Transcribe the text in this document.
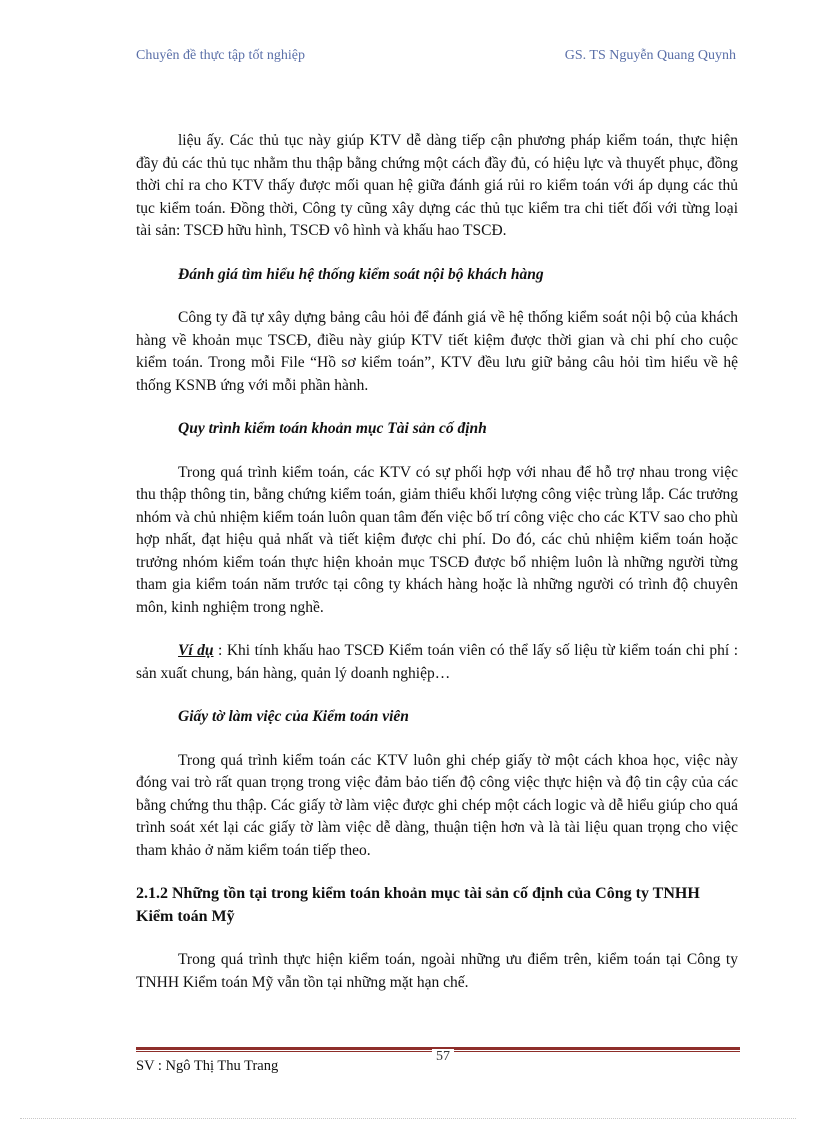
Chuyên đề thực tập tốt nghiệp	GS. TS Nguyễn Quang Quynh

liệu ấy. Các thủ tục này giúp KTV dễ dàng tiếp cận phương pháp kiểm toán, thực hiện đầy đủ các thủ tục nhằm thu thập bằng chứng một cách đầy đủ, có hiệu lực và thuyết phục, đồng thời chỉ ra cho KTV thấy được mối quan hệ giữa đánh giá rủi ro kiểm toán với áp dụng các thủ tục kiểm toán. Đồng thời, Công ty cũng xây dựng các thủ tục kiểm tra chi tiết đối với từng loại tài sản: TSCĐ hữu hình, TSCĐ vô hình và khấu hao TSCĐ.

Đánh giá tìm hiểu hệ thống kiểm soát nội bộ khách hàng

Công ty đã tự xây dựng bảng câu hỏi để đánh giá về hệ thống kiểm soát nội bộ của khách hàng về khoản mục TSCĐ, điều này giúp KTV tiết kiệm được thời gian và chi phí cho cuộc kiểm toán. Trong mỗi File “Hồ sơ kiểm toán”, KTV đều lưu giữ bảng câu hỏi tìm hiểu về hệ thống KSNB ứng với mỗi phần hành.

Quy trình kiểm toán khoản mục Tài sản cố định

Trong quá trình kiểm toán, các KTV có sự phối hợp với nhau để hỗ trợ nhau trong việc thu thập thông tin, bằng chứng kiểm toán, giảm thiểu khối lượng công việc trùng lắp. Các trưởng nhóm và chủ nhiệm kiểm toán luôn quan tâm đến việc bố trí công việc cho các KTV sao cho phù hợp nhất, đạt hiệu quả nhất và tiết kiệm được chi phí. Do đó, các chủ nhiệm kiểm toán hoặc trưởng nhóm kiểm toán thực hiện khoản mục TSCĐ được bổ nhiệm luôn là những người từng tham gia kiểm toán năm trước tại công ty khách hàng hoặc là những người có trình độ chuyên môn, kinh nghiệm trong nghề.

Ví dụ : Khi tính khấu hao TSCĐ Kiểm toán viên có thể lấy số liệu từ kiểm toán chi phí : sản xuất chung, bán hàng, quản lý doanh nghiệp…

Giấy tờ làm việc của Kiểm toán viên

Trong quá trình kiểm toán các KTV luôn ghi chép giấy tờ một cách khoa học, việc này đóng vai trò rất quan trọng trong việc đảm bảo tiến độ công việc thực hiện và độ tin cậy của các bằng chứng thu thập. Các giấy tờ làm việc được ghi chép một cách logic và dễ hiểu giúp cho quá trình soát xét lại các giấy tờ làm việc dễ dàng, thuận tiện hơn và là tài liệu quan trọng cho việc tham khảo ở năm kiểm toán tiếp theo.

2.1.2 Những tồn tại trong kiểm toán khoản mục tài sản cố định của Công ty TNHH Kiểm toán Mỹ

Trong quá trình thực hiện kiểm toán, ngoài những ưu điểm trên, kiểm toán tại Công ty TNHH Kiểm toán Mỹ vẫn tồn tại những mặt hạn chế.

57
SV : Ngô Thị Thu Trang
